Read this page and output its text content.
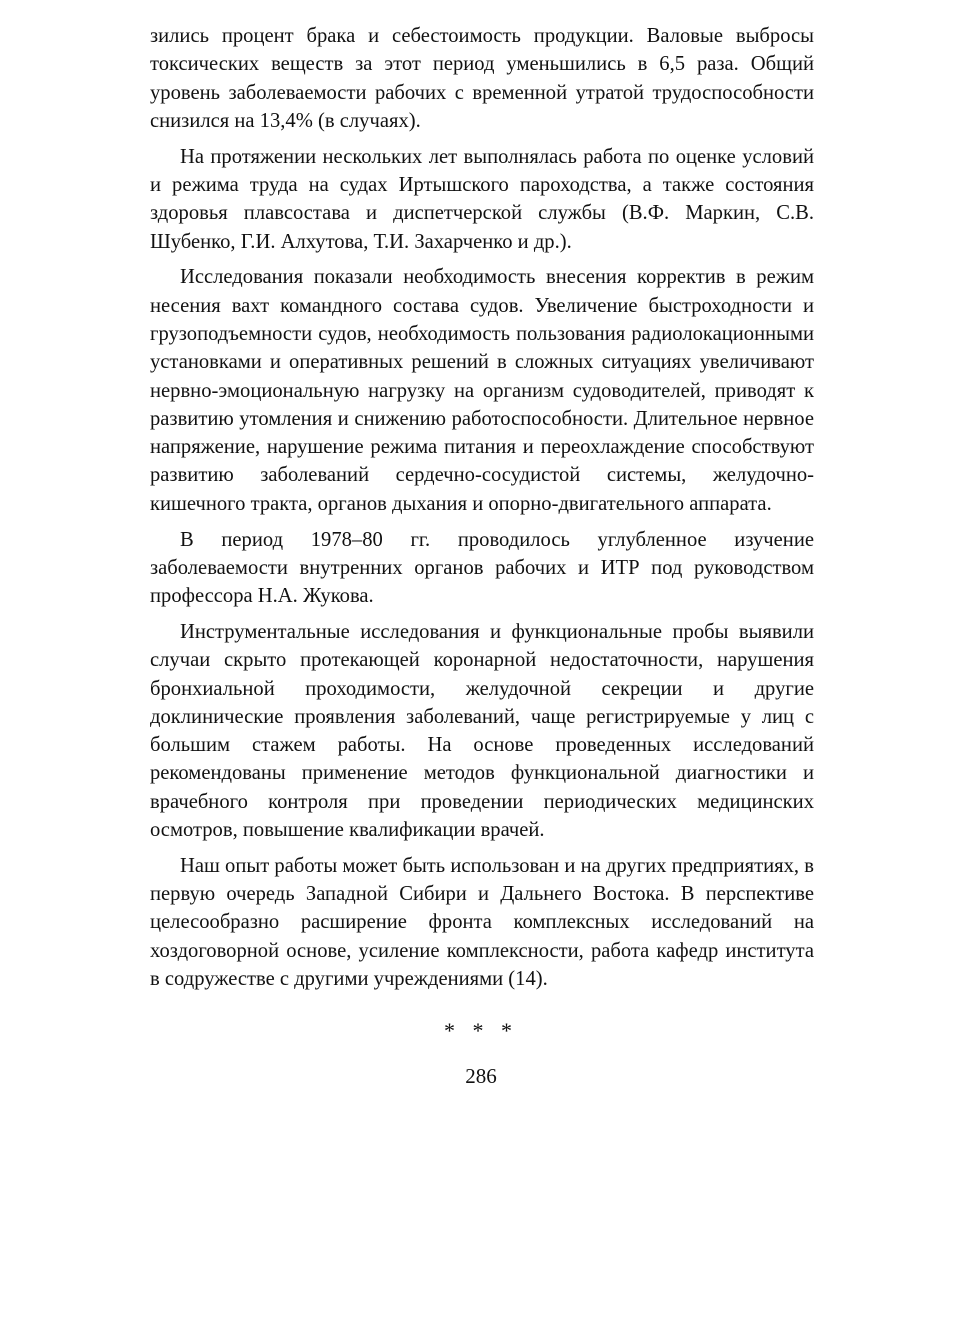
зились процент брака и себестоимость продукции. Валовые выбросы токсических веществ за этот период уменьшились в 6,5 раза. Общий уровень заболеваемости рабочих с временной утратой трудоспособности снизился на 13,4% (в случаях).

На протяжении нескольких лет выполнялась работа по оценке условий и режима труда на судах Иртышского пароходства, а также состояния здоровья плавсостава и диспетчерской службы (В.Ф. Маркин, С.В. Шубенко, Г.И. Алхутова, Т.И. Захарченко и др.).

Исследования показали необходимость внесения корректив в режим несения вахт командного состава судов. Увеличение быстроходности и грузоподъемности судов, необходимость пользования радиолокационными установками и оперативных решений в сложных ситуациях увеличивают нервно-эмоциональную нагрузку на организм судоводителей, приводят к развитию утомления и снижению работоспособности. Длительное нервное напряжение, нарушение режима питания и переохлаждение способствуют развитию заболеваний сердечно-сосудистой системы, желудочно-кишечного тракта, органов дыхания и опорно-двигательного аппарата.

В период 1978–80 гг. проводилось углубленное изучение заболеваемости внутренних органов рабочих и ИТР под руководством профессора Н.А. Жукова.

Инструментальные исследования и функциональные пробы выявили случаи скрыто протекающей коронарной недостаточности, нарушения бронхиальной проходимости, желудочной секреции и другие доклинические проявления заболеваний, чаще регистрируемые у лиц с большим стажем работы. На основе проведенных исследований рекомендованы применение методов функциональной диагностики и врачебного контроля при проведении периодических медицинских осмотров, повышение квалификации врачей.

Наш опыт работы может быть использован и на других предприятиях, в первую очередь Западной Сибири и Дальнего Востока. В перспективе целесообразно расширение фронта комплексных исследований на хоздоговорной основе, усиление комплексности, работа кафедр института в содружестве с другими учреждениями (14).

* * *
286
